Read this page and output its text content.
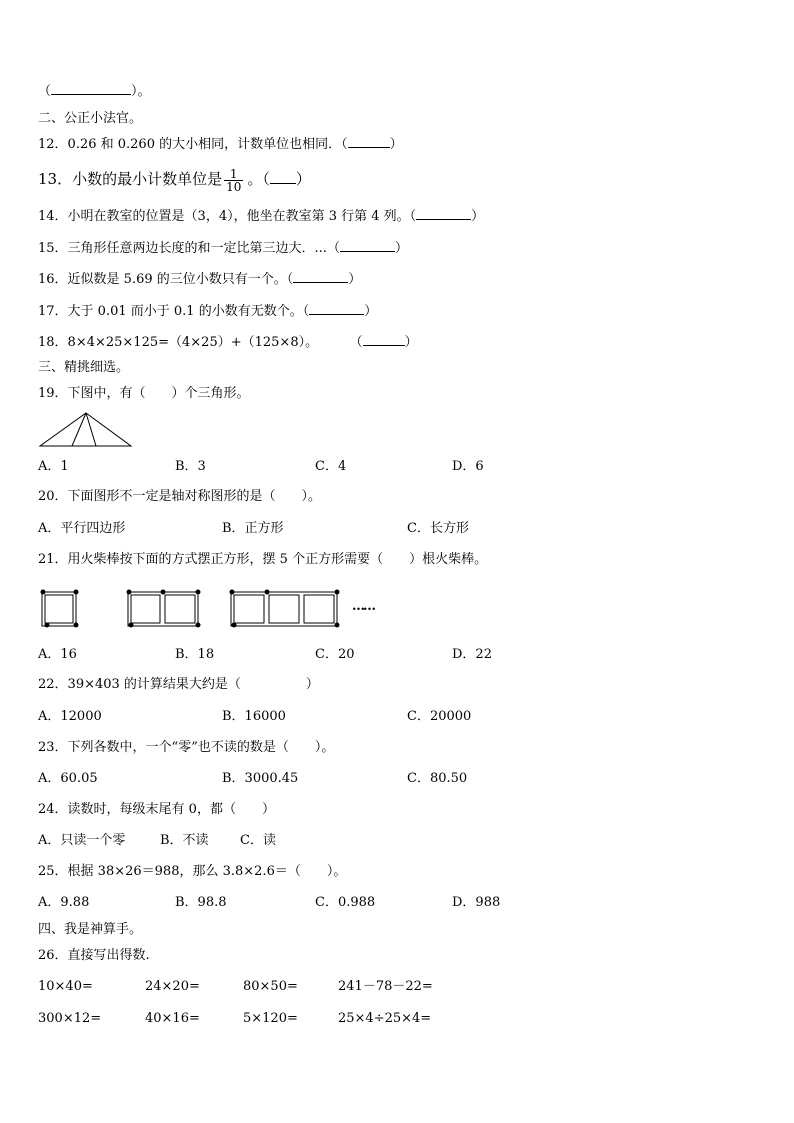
（	）。
二、公正小法官。
12．0.26 和 0.260 的大小相同，计数单位也相同．（	）
13．小数的最小计数单位是 $\frac{1}{10}$ 。（ ）
14．小明在教室的位置是（3，4），他坐在教室第 3 行第 4 列。（	）
15．三角形任意两边长度的和一定比第三边大．...（	）
16．近似数是 5.69 的三位小数只有一个。（	）
17．大于 0.01 而小于 0.1 的小数有无数个。（	）
18．8×4×25×125=（4×25）+（125×8）。	（	）
三、精挑细选。
19．下图中，有（　　）个三角形。
A．1	B．3	C．4	D．6
20．下面图形不一定是轴对称图形的是（　　）。
A．平行四边形	B．正方形	C．长方形
21．用火柴棒按下面的方式摆正方形，摆 5 个正方形需要（　　）根火柴棒。
……
A．16	B．18	C．20	D．22
22．39×403 的计算结果大约是（　　　　　）
A．12000	B．16000	C．20000
23．下列各数中，一个“零”也不读的数是（　　）。
A．60.05	B．3000.45	C．80.50
24．读数时，每级末尾有 0，都（　　）
A．只读一个零	B．不读 C．读
25．根据 38×26＝988，那么 3.8×2.6＝（　　）。
A．9.88	B．98.8	C．0.988	D．988
四、我是神算手。
26．直接写出得数.
10×40=	24×20=	80×50=	241－78－22=
300×12=	40×16=	5×120=	25×4÷25×4=
